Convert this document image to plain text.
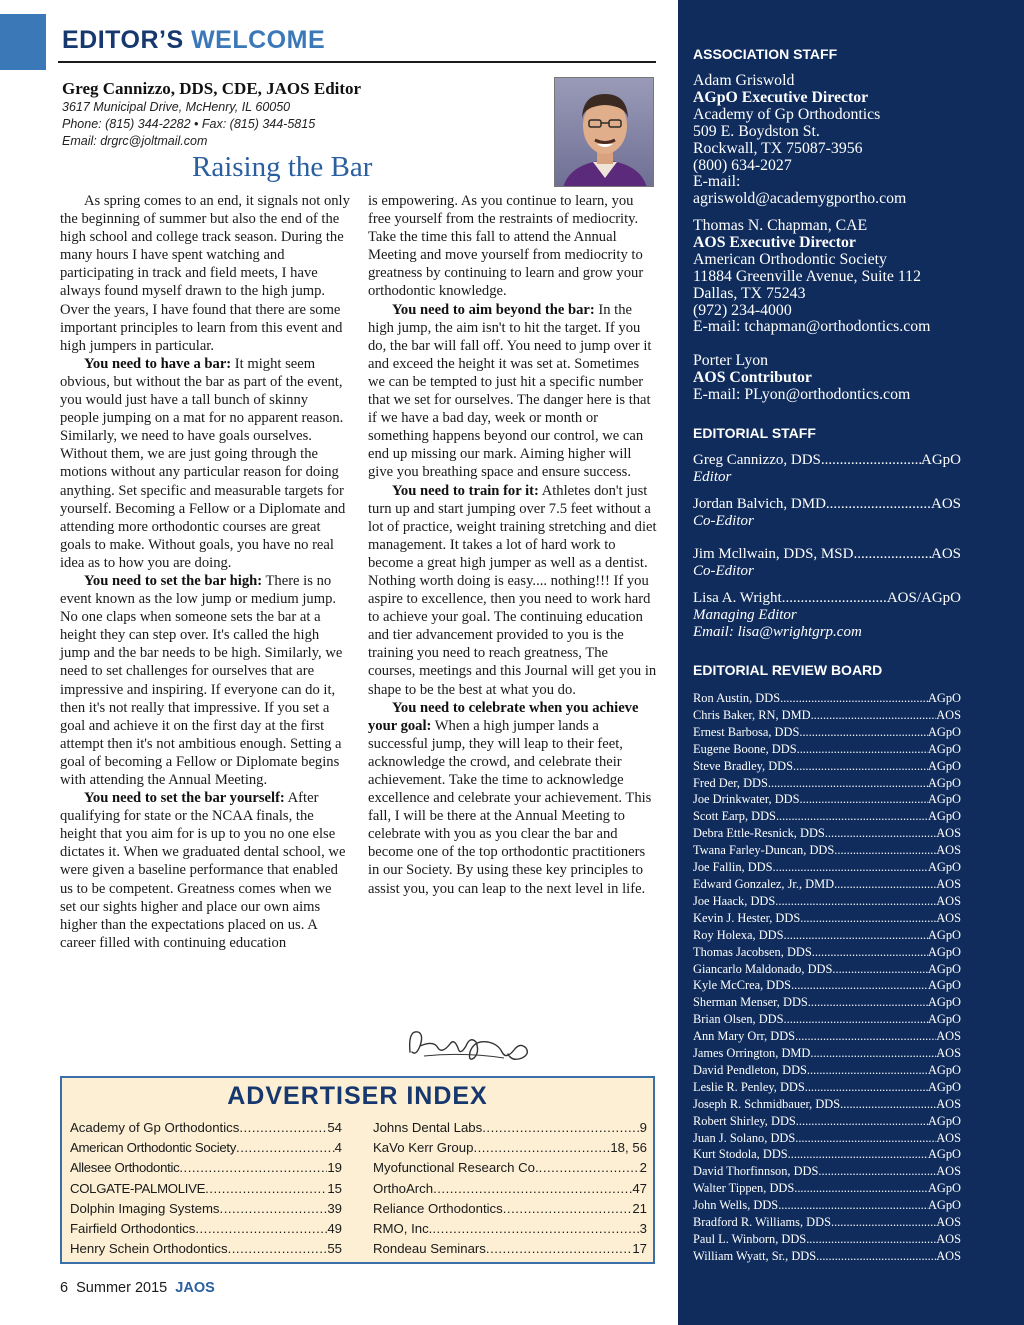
EDITOR’S WELCOME
Greg Cannizzo, DDS, CDE, JAOS Editor
3617 Municipal Drive, McHenry, IL 60050
Phone: (815) 344-2282 • Fax: (815) 344-5815
Email: drgrc@joltmail.com
Raising the Bar

As spring comes to an end, it signals not only the beginning of summer but also the end of the high school and college track season. During the many hours I have spent watching and participating in track and field meets, I have always found myself drawn to the high jump. Over the years, I have found that there are some important principles to learn from this event and high jumpers in particular.

You need to have a bar: It might seem obvious, but without the bar as part of the event, you would just have a tall bunch of skinny people jumping on a mat for no apparent reason. Similarly, we need to have goals ourselves. Without them, we are just going through the motions without any particular reason for doing anything. Set specific and measurable targets for yourself. Becoming a Fellow or a Diplomate and attending more orthodontic courses are great goals to make. Without goals, you have no real idea as to how you are doing.

You need to set the bar high: There is no event known as the low jump or medium jump. No one claps when someone sets the bar at a height they can step over. It's called the high jump and the bar needs to be high. Similarly, we need to set challenges for ourselves that are impressive and inspiring. If everyone can do it, then it's not really that impressive. If you set a goal and achieve it on the first day at the first attempt then it's not ambitious enough. Setting a goal of becoming a Fellow or Diplomate begins with attending the Annual Meeting.

You need to set the bar yourself: After qualifying for state or the NCAA finals, the height that you aim for is up to you no one else dictates it. When we graduated dental school, we were given a baseline performance that enabled us to be competent. Greatness comes when we set our sights higher and place our own aims higher than the expectations placed on us. A career filled with continuing education

is empowering. As you continue to learn, you free yourself from the restraints of mediocrity. Take the time this fall to attend the Annual Meeting and move yourself from mediocrity to greatness by continuing to learn and grow your orthodontic knowledge.

You need to aim beyond the bar: In the high jump, the aim isn't to hit the target. If you do, the bar will fall off. You need to jump over it and exceed the height it was set at. Sometimes we can be tempted to just hit a specific number that we set for ourselves. The danger here is that if we have a bad day, week or month or something happens beyond our control, we can end up missing our mark. Aiming higher will give you breathing space and ensure success.

You need to train for it: Athletes don't just turn up and start jumping over 7.5 feet without a lot of practice, weight training stretching and diet management. It takes a lot of hard work to become a great high jumper as well as a dentist. Nothing worth doing is easy.... nothing!!! If you aspire to excellence, then you need to work hard to achieve your goal. The continuing education and tier advancement provided to you is the training you need to reach greatness, The courses, meetings and this Journal will get you in shape to be the best at what you do.

You need to celebrate when you achieve your goal: When a high jumper lands a successful jump, they will leap to their feet, acknowledge the crowd, and celebrate their achievement. Take the time to acknowledge excellence and celebrate your achievement. This fall, I will be there at the Annual Meeting to celebrate with you as you clear the bar and become one of the top orthodontic practitioners in our Society. By using these key principles to assist you, you can leap to the next level in life.

ADVERTISER INDEX
Academy of Gp Orthodontics .....	54
American Orthodontic Society .....	4
Allesee Orthodontic .....	19
COLGATE-PALMOLIVE .....	15
Dolphin Imaging Systems .....	39
Fairfield Orthodontics .....	49
Henry Schein Orthodontics .....	55
Johns Dental Labs .....	9
KaVo Kerr Group .....	18, 56
Myofunctional Research Co. .....	2
OrthoArch .....	47
Reliance Orthodontics .....	21
RMO, Inc. .....	3
Rondeau Seminars .....	17
6 Summer 2015 JAOS
ASSOCIATION STAFF
Adam Griswold
AGpO Executive Director
Academy of Gp Orthodontics
509 E. Boydston St.
Rockwall, TX 75087-3956
(800) 634-2027
E-mail:
agriswold@academygportho.com
Thomas N. Chapman, CAE
AOS Executive Director
American Orthodontic Society
11884 Greenville Avenue, Suite 112
Dallas, TX 75243
(972) 234-4000
E-mail: tchapman@orthodontics.com
Porter Lyon
AOS Contributor
E-mail: PLyon@orthodontics.com
EDITORIAL STAFF
Greg Cannizzo, DDS .....	AGpO
Editor
Jordan Balvich, DMD .....	AOS
Co-Editor
Jim Mcllwain, DDS, MSD .....	AOS
Co-Editor
Lisa A. Wright .....	AOS/AGpO
Managing Editor
Email: lisa@wrightgrp.com
EDITORIAL REVIEW BOARD
Ron Austin, DDS .....	AGpO
Chris Baker, RN, DMD .....	AOS
Ernest Barbosa, DDS .....	AGpO
Eugene Boone, DDS .....	AGpO
Steve Bradley, DDS .....	AGpO
Fred Der, DDS .....	AGpO
Joe Drinkwater, DDS .....	AGpO
Scott Earp, DDS .....	AGpO
Debra Ettle-Resnick, DDS .....	AOS
Twana Farley-Duncan, DDS .....	AOS
Joe Fallin, DDS .....	AGpO
Edward Gonzalez, Jr., DMD .....	AOS
Joe Haack, DDS .....	AOS
Kevin J. Hester, DDS .....	AOS
Roy Holexa, DDS .....	AGpO
Thomas Jacobsen, DDS .....	AGpO
Giancarlo Maldonado, DDS .....	AGpO
Kyle McCrea, DDS .....	AGpO
Sherman Menser, DDS .....	AGpO
Brian Olsen, DDS .....	AGpO
Ann Mary Orr, DDS .....	AOS
James Orrington, DMD .....	AOS
David Pendleton, DDS .....	AGpO
Leslie R. Penley, DDS .....	AGpO
Joseph R. Schmidbauer, DDS .....	AOS
Robert Shirley, DDS .....	AGpO
Juan J. Solano, DDS .....	AOS
Kurt Stodola, DDS .....	AGpO
David Thorfinnson, DDS .....	AOS
Walter Tippen, DDS .....	AGpO
John Wells, DDS .....	AGpO
Bradford R. Williams, DDS .....	AOS
Paul L. Winborn, DDS .....	AOS
William Wyatt, Sr., DDS .....	AOS
